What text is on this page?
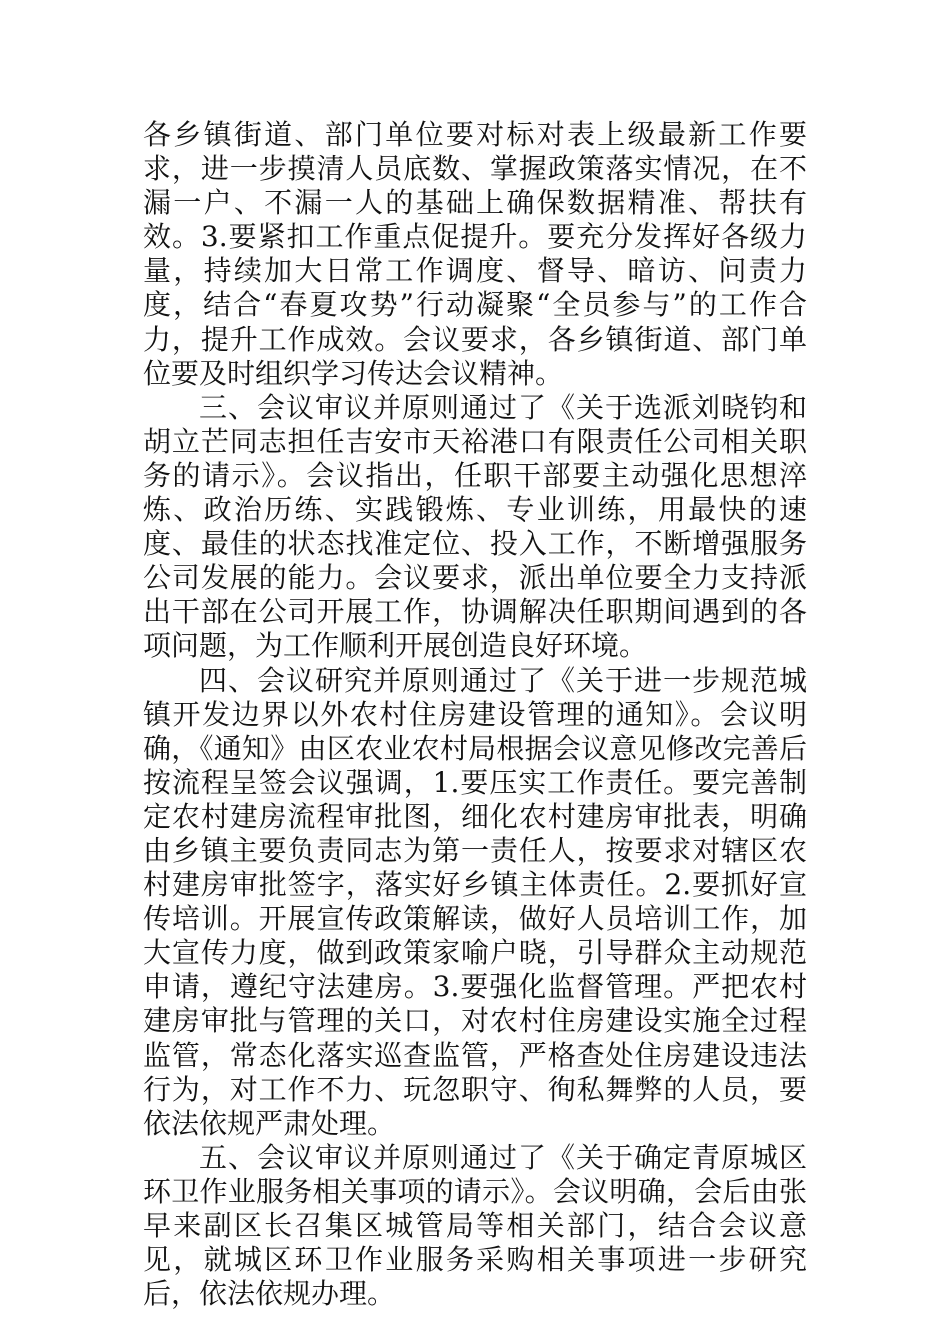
各乡镇街道、部门单位要对标对表上级最新工作要求，进一步摸清人员底数、掌握政策落实情况，在不漏一户、不漏一人的基础上确保数据精准、帮扶有效。3.要紧扣工作重点促提升。要充分发挥好各级力量，持续加大日常工作调度、督导、暗访、问责力度，结合“春夏攻势”行动凝聚“全员参与”的工作合力，提升工作成效。会议要求，各乡镇街道、部门单位要及时组织学习传达会议精神。

三、会议审议并原则通过了《关于选派刘晓钧和胡立芒同志担任吉安市天裕港口有限责任公司相关职务的请示》。会议指出，任职干部要主动强化思想淬炼、政治历练、实践锻炼、专业训练，用最快的速度、最佳的状态找准定位、投入工作，不断增强服务公司发展的能力。会议要求，派出单位要全力支持派出干部在公司开展工作，协调解决任职期间遇到的各项问题，为工作顺利开展创造良好环境。

四、会议研究并原则通过了《关于进一步规范城镇开发边界以外农村住房建设管理的通知》。会议明确，《通知》由区农业农村局根据会议意见修改完善后按流程呈签会议强调，1.要压实工作责任。要完善制定农村建房流程审批图，细化农村建房审批表，明确由乡镇主要负责同志为第一责任人，按要求对辖区农村建房审批签字，落实好乡镇主体责任。2.要抓好宣传培训。开展宣传政策解读，做好人员培训工作，加大宣传力度，做到政策家喻户晓，引导群众主动规范申请，遵纪守法建房。3.要强化监督管理。严把农村建房审批与管理的关口，对农村住房建设实施全过程监管，常态化落实巡查监管，严格查处住房建设违法行为，对工作不力、玩忽职守、徇私舞弊的人员，要依法依规严肃处理。

五、会议审议并原则通过了《关于确定青原城区环卫作业服务相关事项的请示》。会议明确，会后由张早来副区长召集区城管局等相关部门，结合会议意见，就城区环卫作业服务采购相关事项进一步研究后，依法依规办理。
